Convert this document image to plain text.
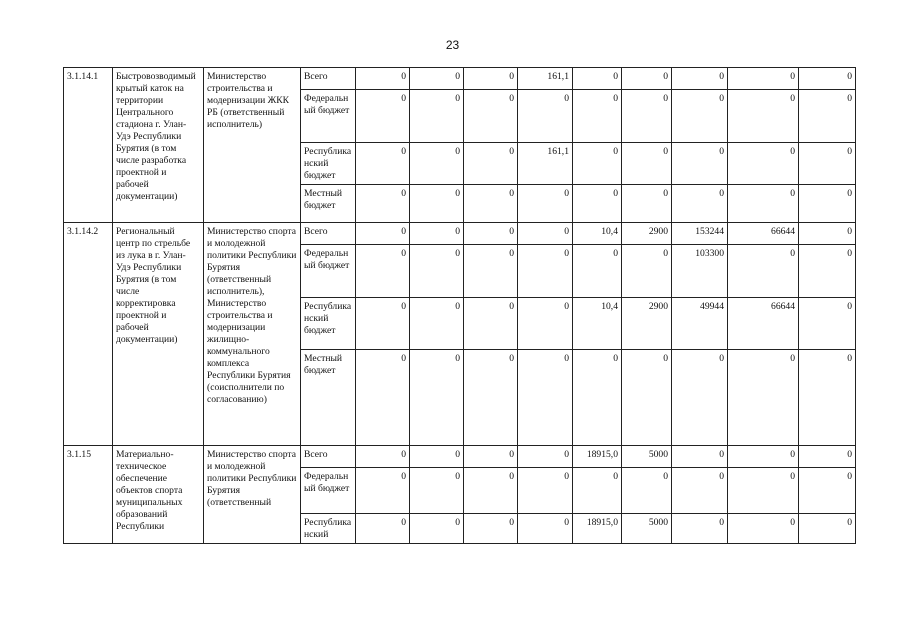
23
3.1.14.1	Быстровозводимый крытый каток на территории Центрального стадиона г. Улан-Удэ Республики Бурятия (в том числе разработка проектной и рабочей документации)	Министерство строительства и модернизации ЖКК РБ (ответственный исполнитель)	Всего	0	0	0	161,1	0	0	0	0	0
			Федеральный бюджет	0	0	0	0	0	0	0	0	0
			Республиканский бюджет	0	0	0	161,1	0	0	0	0	0
			Местный бюджет	0	0	0	0	0	0	0	0	0
3.1.14.2	Региональный центр по стрельбе из лука в г. Улан-Удэ Республики Бурятия (в том числе корректировка проектной и рабочей документации)	Министерство спорта и молодежной политики Республики Бурятия (ответственный исполнитель), Министерство строительства и модернизации жилищно-коммунального комплекса Республики Бурятия (соисполнители по согласованию)	Всего	0	0	0	0	10,4	2900	153244	66644	0
			Федеральный бюджет	0	0	0	0	0	0	103300	0	0
			Республиканский бюджет	0	0	0	0	10,4	2900	49944	66644	0
			Местный бюджет	0	0	0	0	0	0	0	0	0
3.1.15	Материально-техническое обеспечение объектов спорта муниципальных образований Республики	Министерство спорта и молодежной политики Республики Бурятия (ответственный	Всего	0	0	0	0	18915,0	5000	0	0	0
			Федеральный бюджет	0	0	0	0	0	0	0	0	0
			Республиканский	0	0	0	0	18915,0	5000	0	0	0
